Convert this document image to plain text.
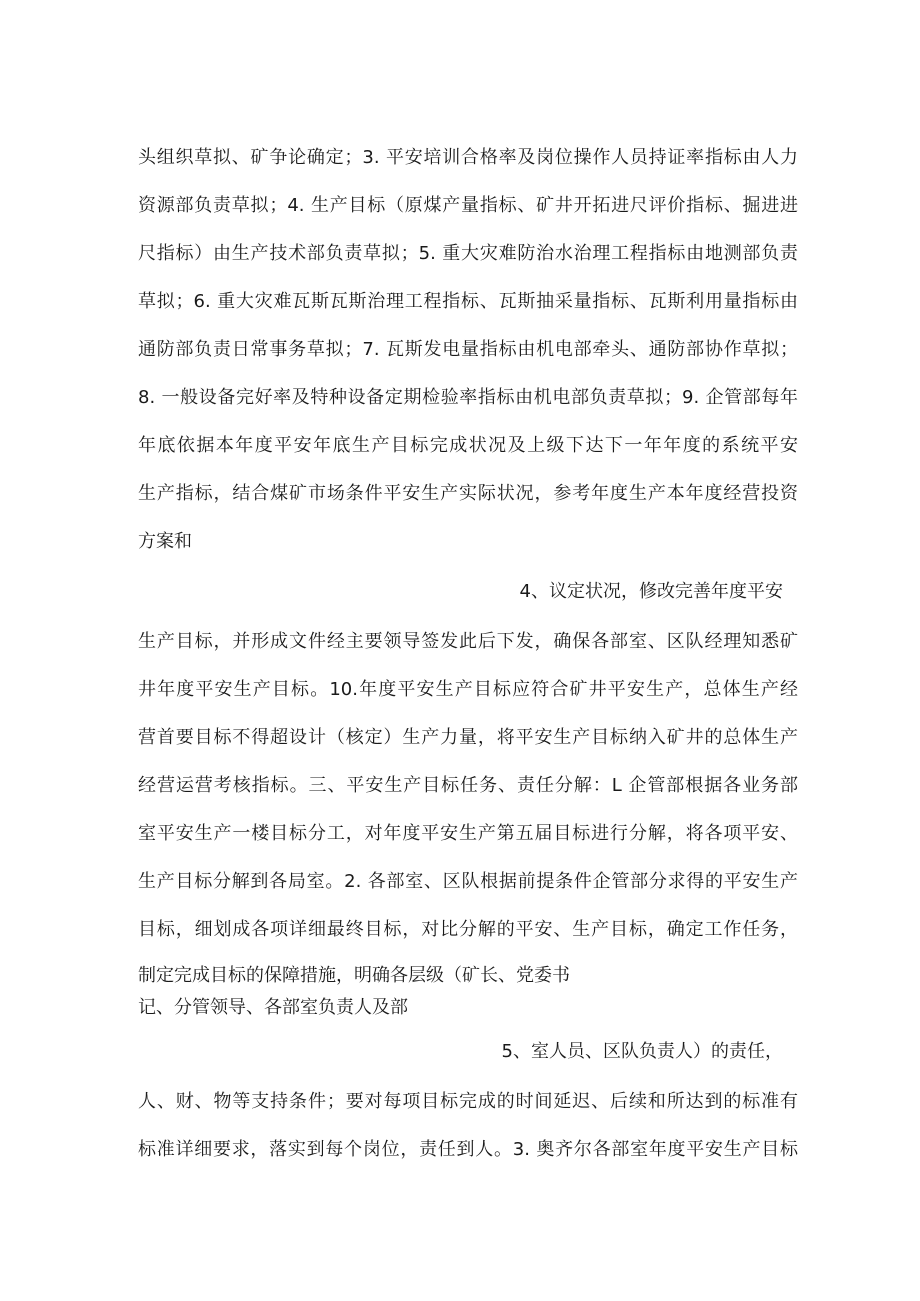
头组织草拟、矿争论确定；3. 平安培训合格率及岗位操作人员持证率指标由人力
资源部负责草拟；4. 生产目标（原煤产量指标、矿井开拓进尺评价指标、掘进进
尺指标）由生产技术部负责草拟；5. 重大灾难防治水治理工程指标由地测部负责
草拟；6. 重大灾难瓦斯瓦斯治理工程指标、瓦斯抽采量指标、瓦斯利用量指标由
通防部负责日常事务草拟；7. 瓦斯发电量指标由机电部牵头、通防部协作草拟；
8. 一般设备完好率及特种设备定期检验率指标由机电部负责草拟；9. 企管部每年
年底依据本年度平安年底生产目标完成状况及上级下达下一年年度的系统平安
生产指标，结合煤矿市场条件平安生产实际状况，参考年度生产本年度经营投资
方案和
4、议定状况，修改完善年度平安
生产目标，并形成文件经主要领导签发此后下发，确保各部室、区队经理知悉矿
井年度平安生产目标。10.年度平安生产目标应符合矿井平安生产，总体生产经
营首要目标不得超设计（核定）生产力量，将平安生产目标纳入矿井的总体生产
经营运营考核指标。三、平安生产目标任务、责任分解：L 企管部根据各业务部
室平安生产一楼目标分工，对年度平安生产第五届目标进行分解，将各项平安、
生产目标分解到各局室。2. 各部室、区队根据前提条件企管部分求得的平安生产
目标，细划成各项详细最终目标，对比分解的平安、生产目标，确定工作任务，
制定完成目标的保障措施，明确各层级（矿长、党委书
记、分管领导、各部室负责人及部
5、室人员、区队负责人）的责任，
人、财、物等支持条件；要对每项目标完成的时间延迟、后续和所达到的标准有
标准详细要求，落实到每个岗位，责任到人。3. 奥齐尔各部室年度平安生产目标
